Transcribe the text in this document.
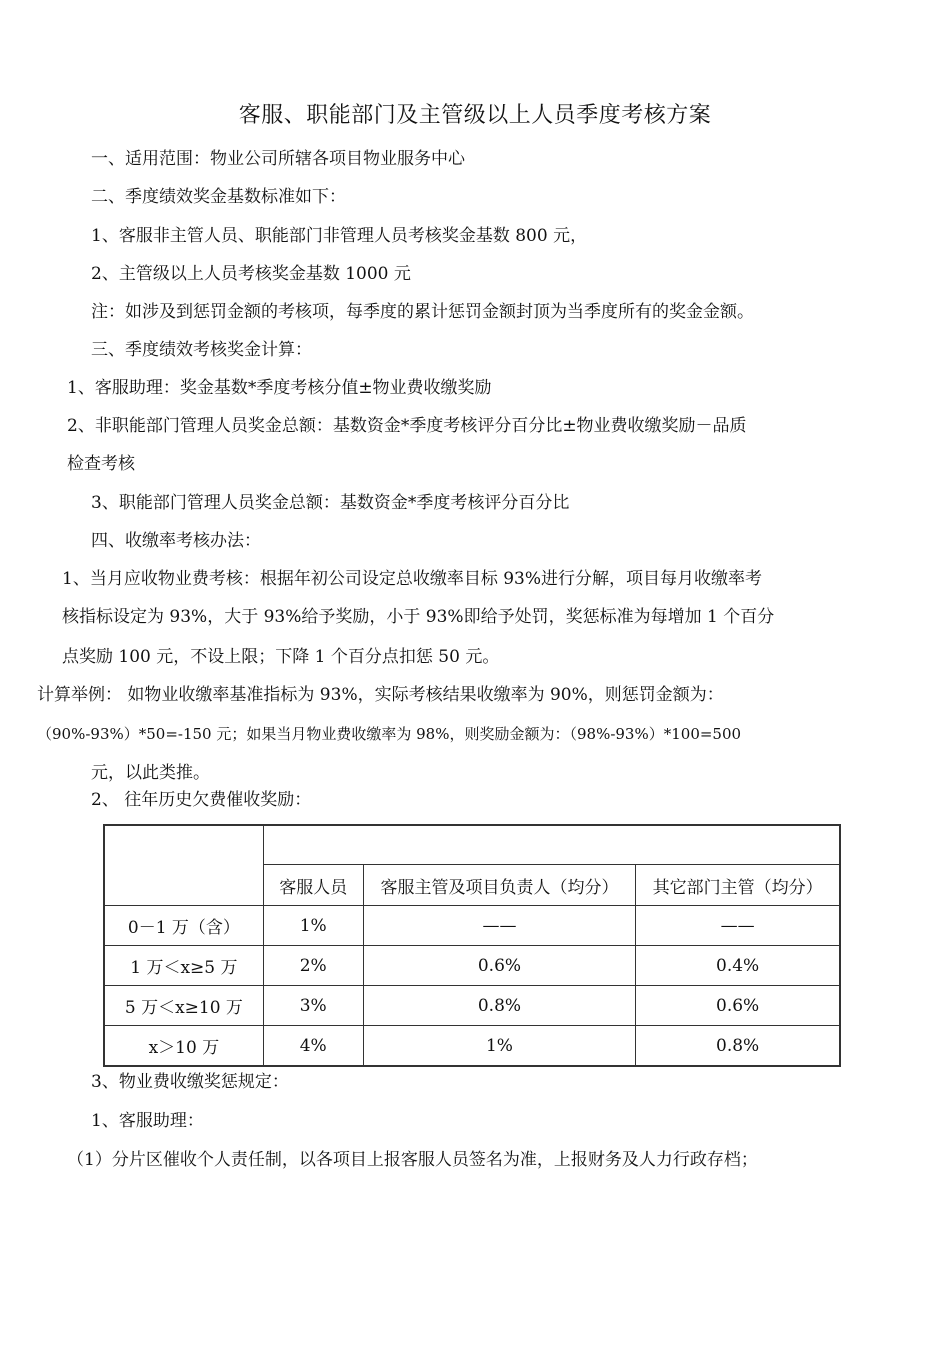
客服、职能部门及主管级以上人员季度考核方案
一、适用范围：物业公司所辖各项目物业服务中心
二、季度绩效奖金基数标准如下：
1、客服非主管人员、职能部门非管理人员考核奖金基数 800 元，
2、主管级以上人员考核奖金基数 1000 元
注：如涉及到惩罚金额的考核项，每季度的累计惩罚金额封顶为当季度所有的奖金金额。
三、季度绩效考核奖金计算：
1、客服助理：奖金基数*季度考核分值±物业费收缴奖励
2、非职能部门管理人员奖金总额：基数资金*季度考核评分百分比±物业费收缴奖励－品质
检查考核
3、职能部门管理人员奖金总额：基数资金*季度考核评分百分比
四、收缴率考核办法：
1、当月应收物业费考核：根据年初公司设定总收缴率目标 93%进行分解，项目每月收缴率考
核指标设定为 93%，大于 93%给予奖励，小于 93%即给予处罚，奖惩标准为每增加 1 个百分
点奖励 100 元，不设上限；下降 1 个百分点扣惩 50 元。
计算举例： 如物业收缴率基准指标为 93%，实际考核结果收缴率为 90%，则惩罚金额为：
（90%-93%）*50=-150 元；如果当月物业费收缴率为 98%，则奖励金额为：（98%-93%）*100=500
元，以此类推。
2、 往年历史欠费催收奖励：

	客服人员	客服主管及项目负责人（均分）	其它部门主管（均分）
0－1 万（含）	1%	——	——
1 万＜x≥5 万	2%	0.6%	0.4%
5 万＜x≥10 万	3%	0.8%	0.6%
x＞10 万	4%	1%	0.8%
3、物业费收缴奖惩规定：
1、客服助理：
（1）分片区催收个人责任制，以各项目上报客服人员签名为准，上报财务及人力行政存档；
